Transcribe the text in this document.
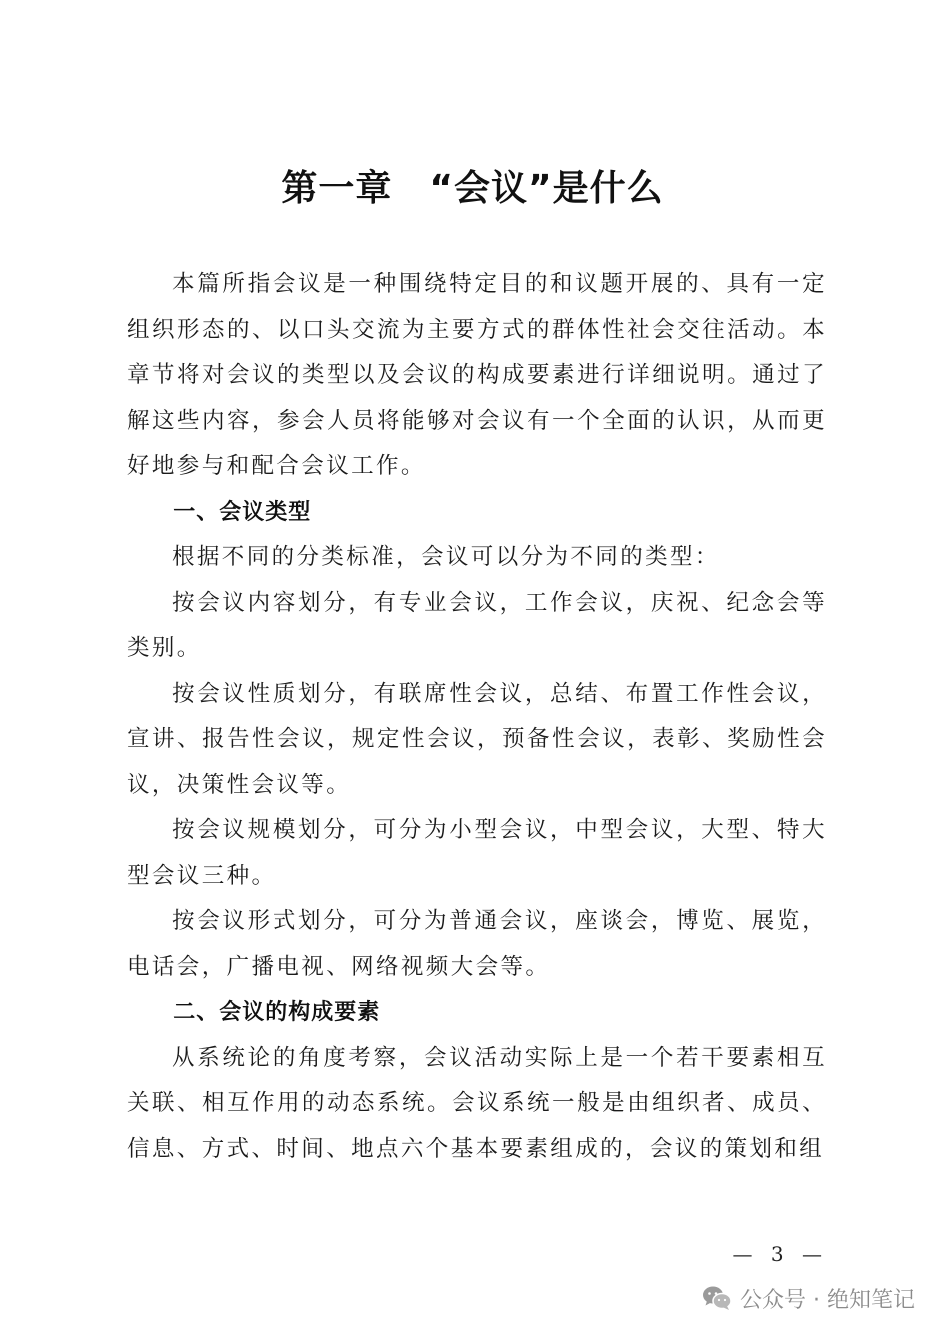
第一章　“会议”是什么

本篇所指会议是一种围绕特定目的和议题开展的、具有一定组织形态的、以口头交流为主要方式的群体性社会交往活动。本章节将对会议的类型以及会议的构成要素进行详细说明。通过了解这些内容，参会人员将能够对会议有一个全面的认识，从而更好地参与和配合会议工作。

一、会议类型

根据不同的分类标准，会议可以分为不同的类型：

按会议内容划分，有专业会议，工作会议，庆祝、纪念会等类别。

按会议性质划分，有联席性会议，总结、布置工作性会议，宣讲、报告性会议，规定性会议，预备性会议，表彰、奖励性会议，决策性会议等。

按会议规模划分，可分为小型会议，中型会议，大型、特大型会议三种。

按会议形式划分，可分为普通会议，座谈会，博览、展览，电话会，广播电视、网络视频大会等。

二、会议的构成要素

从系统论的角度考察，会议活动实际上是一个若干要素相互关联、相互作用的动态系统。会议系统一般是由组织者、成员、信息、方式、时间、地点六个基本要素组成的，会议的策划和组

— 3 —
公众号 · 绝知笔记
